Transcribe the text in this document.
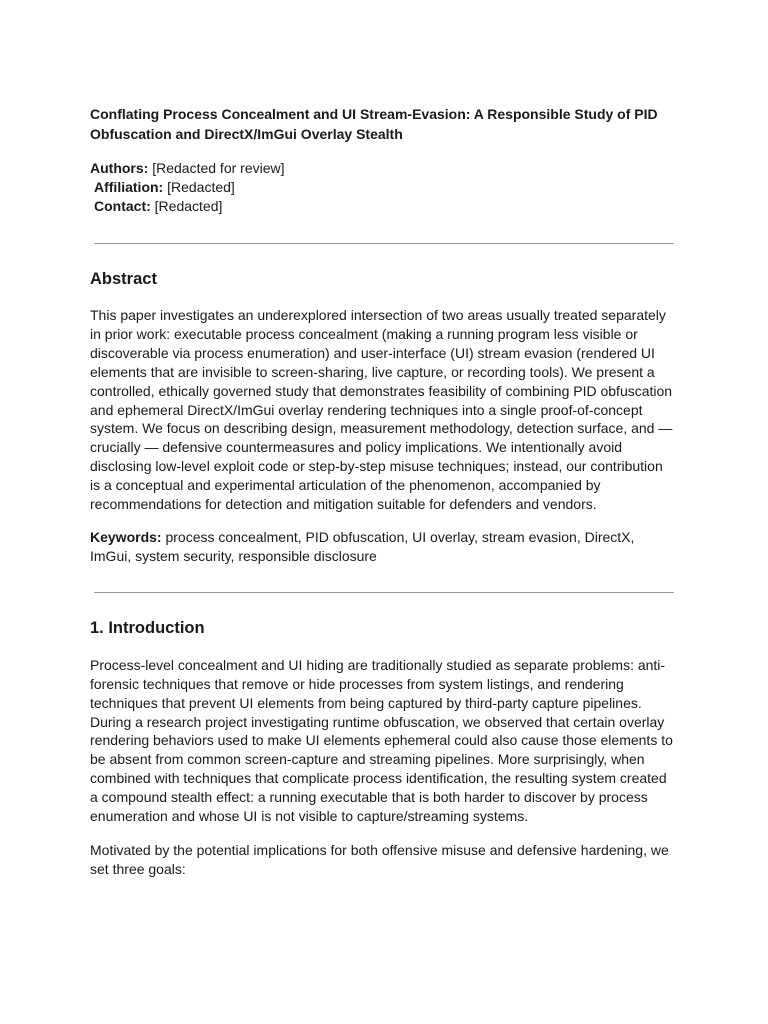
Conflating Process Concealment and UI Stream-Evasion: A Responsible Study of PID Obfuscation and DirectX/ImGui Overlay Stealth

Authors: [Redacted for review]
Affiliation: [Redacted]
Contact: [Redacted]
Abstract

This paper investigates an underexplored intersection of two areas usually treated separately in prior work: executable process concealment (making a running program less visible or discoverable via process enumeration) and user-interface (UI) stream evasion (rendered UI elements that are invisible to screen-sharing, live capture, or recording tools). We present a controlled, ethically governed study that demonstrates feasibility of combining PID obfuscation and ephemeral DirectX/ImGui overlay rendering techniques into a single proof-of-concept system. We focus on describing design, measurement methodology, detection surface, and — crucially — defensive countermeasures and policy implications. We intentionally avoid disclosing low-level exploit code or step-by-step misuse techniques; instead, our contribution is a conceptual and experimental articulation of the phenomenon, accompanied by recommendations for detection and mitigation suitable for defenders and vendors.

Keywords: process concealment, PID obfuscation, UI overlay, stream evasion, DirectX, ImGui, system security, responsible disclosure

1. Introduction

Process-level concealment and UI hiding are traditionally studied as separate problems: anti-forensic techniques that remove or hide processes from system listings, and rendering techniques that prevent UI elements from being captured by third-party capture pipelines. During a research project investigating runtime obfuscation, we observed that certain overlay rendering behaviors used to make UI elements ephemeral could also cause those elements to be absent from common screen-capture and streaming pipelines. More surprisingly, when combined with techniques that complicate process identification, the resulting system created a compound stealth effect: a running executable that is both harder to discover by process enumeration and whose UI is not visible to capture/streaming systems.

Motivated by the potential implications for both offensive misuse and defensive hardening, we set three goals:
